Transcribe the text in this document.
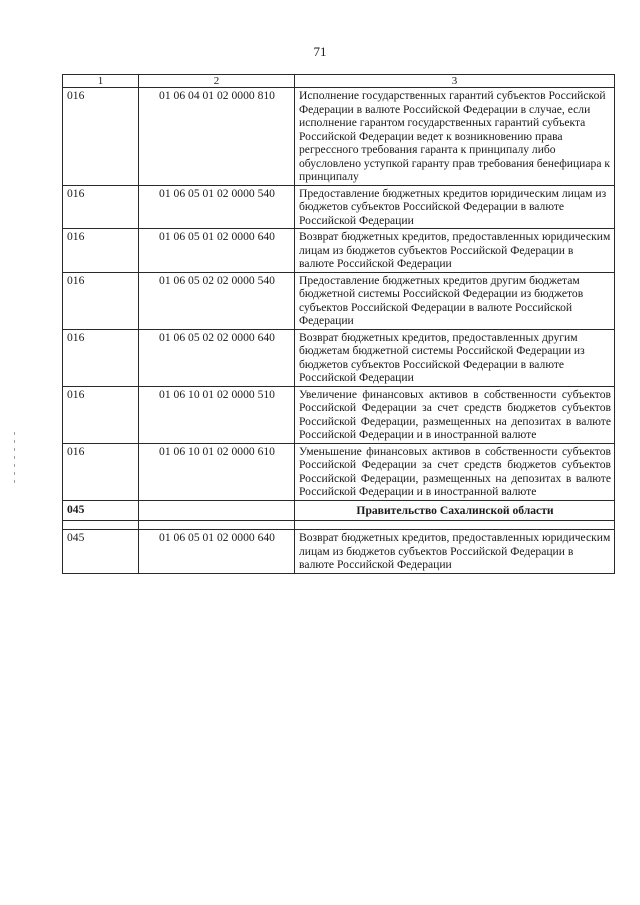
71
1	2	3
016	01 06 04 01 02 0000 810	Исполнение государственных гарантий субъектов Российской Федерации в валюте Российской Федерации в случае, если исполнение гарантом государственных гарантий субъекта Российской Федерации ведет к возникновению права регрессного требования гаранта к принципалу либо обусловлено уступкой гаранту прав требования бенефициара к принципалу
016	01 06 05 01 02 0000 540	Предоставление бюджетных кредитов юридическим лицам из бюджетов субъектов Российской Федерации в валюте Российской Федерации
016	01 06 05 01 02 0000 640	Возврат бюджетных кредитов, предоставленных юридическим лицам из бюджетов субъектов Российской Федерации в валюте Российской Федерации
016	01 06 05 02 02 0000 540	Предоставление бюджетных кредитов другим бюджетам бюджетной системы Российской Федерации из бюджетов субъектов Российской Федерации в валюте Российской Федерации
016	01 06 05 02 02 0000 640	Возврат бюджетных кредитов, предоставленных другим бюджетам бюджетной системы Российской Федерации из бюджетов субъектов Российской Федерации в валюте Российской Федерации
016	01 06 10 01 02 0000 510	Увеличение финансовых активов в собственности субъектов Российской Федерации за счет средств бюджетов субъектов Российской Федерации, размещенных на депозитах в валюте Российской Федерации и в иностранной валюте
016	01 06 10 01 02 0000 610	Уменьшение финансовых активов в собственности субъектов Российской Федерации за счет средств бюджетов субъектов Российской Федерации, размещенных на депозитах в валюте Российской Федерации и в иностранной валюте
045		Правительство Сахалинской области

045	01 06 05 01 02 0000 640	Возврат бюджетных кредитов, предоставленных юридическим лицам из бюджетов субъектов Российской Федерации в валюте Российской Федерации
